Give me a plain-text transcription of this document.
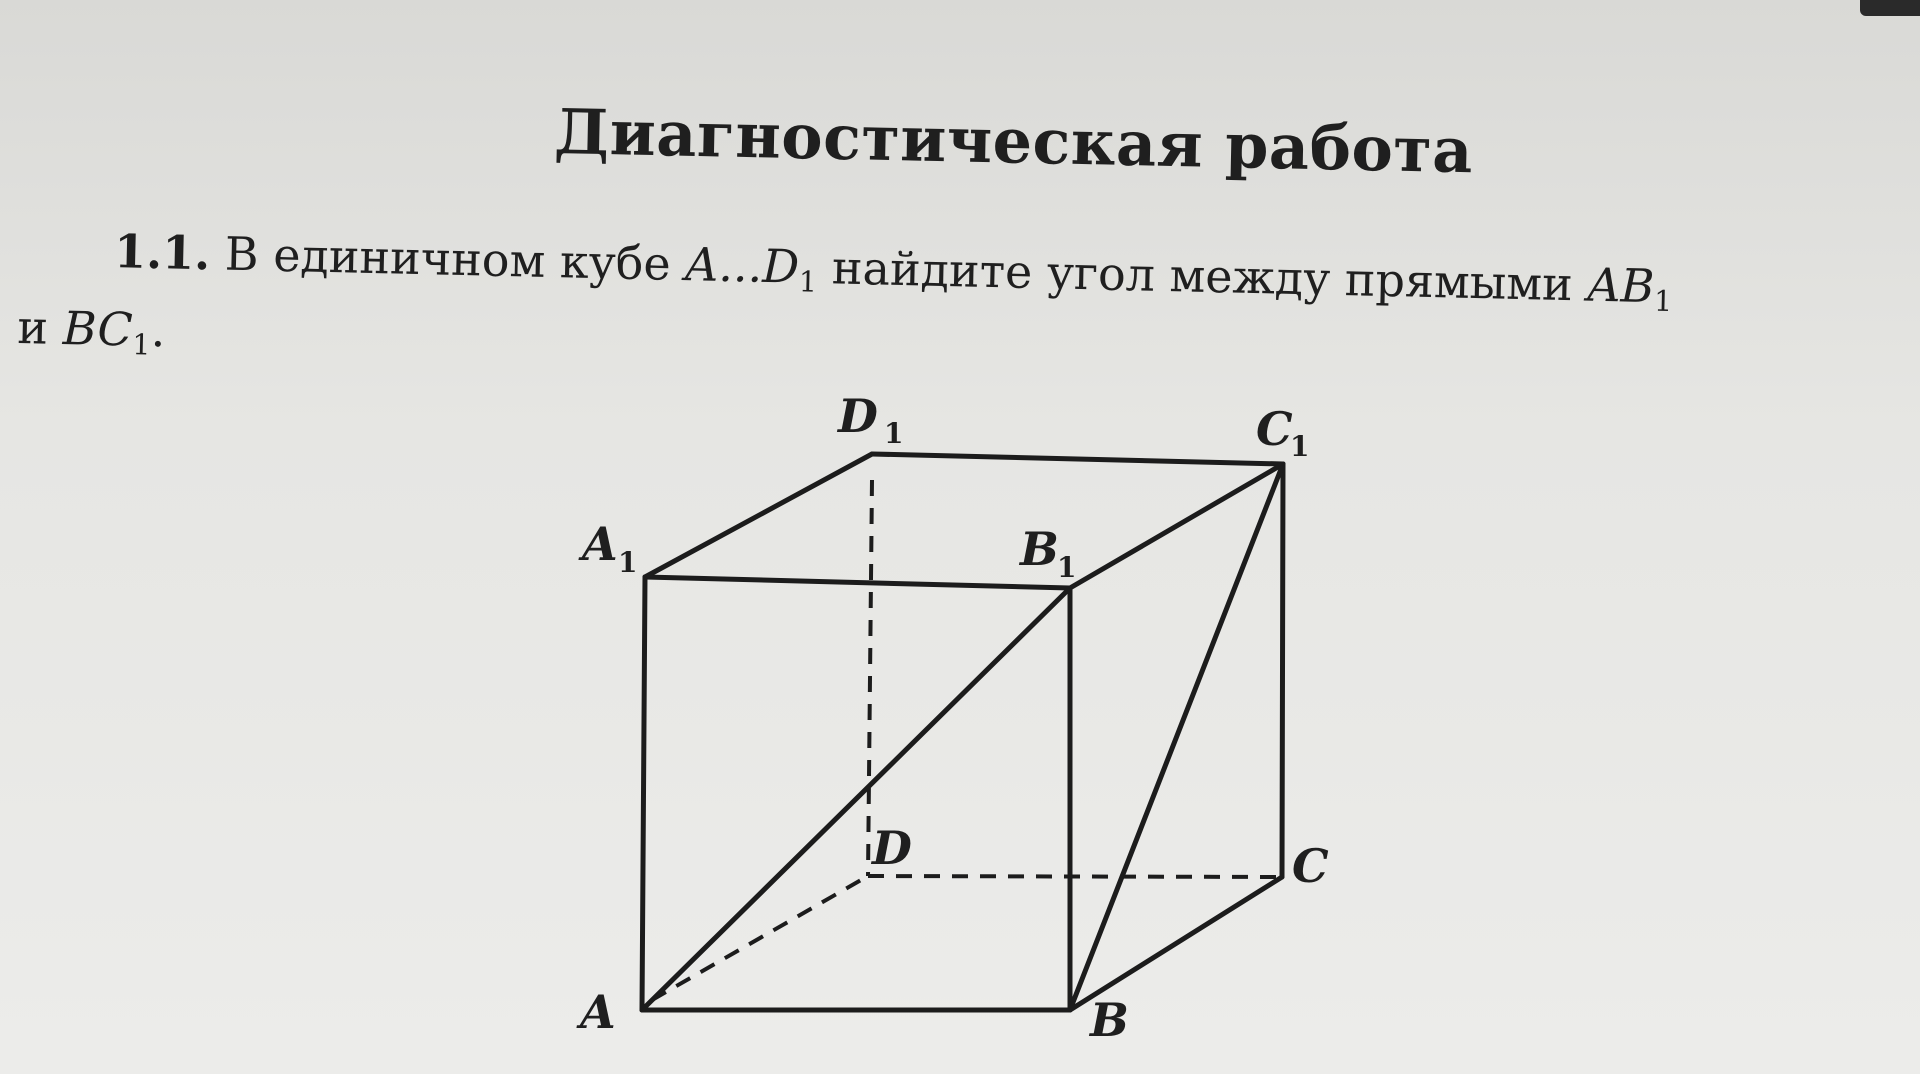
Диагностическая работа
1.1. В единичном кубе $A...D_1$ найдите угол между прямыми $AB_1$
и $BC_1$.
D 1	C
1
A 1	B
1
D	C
A	B
